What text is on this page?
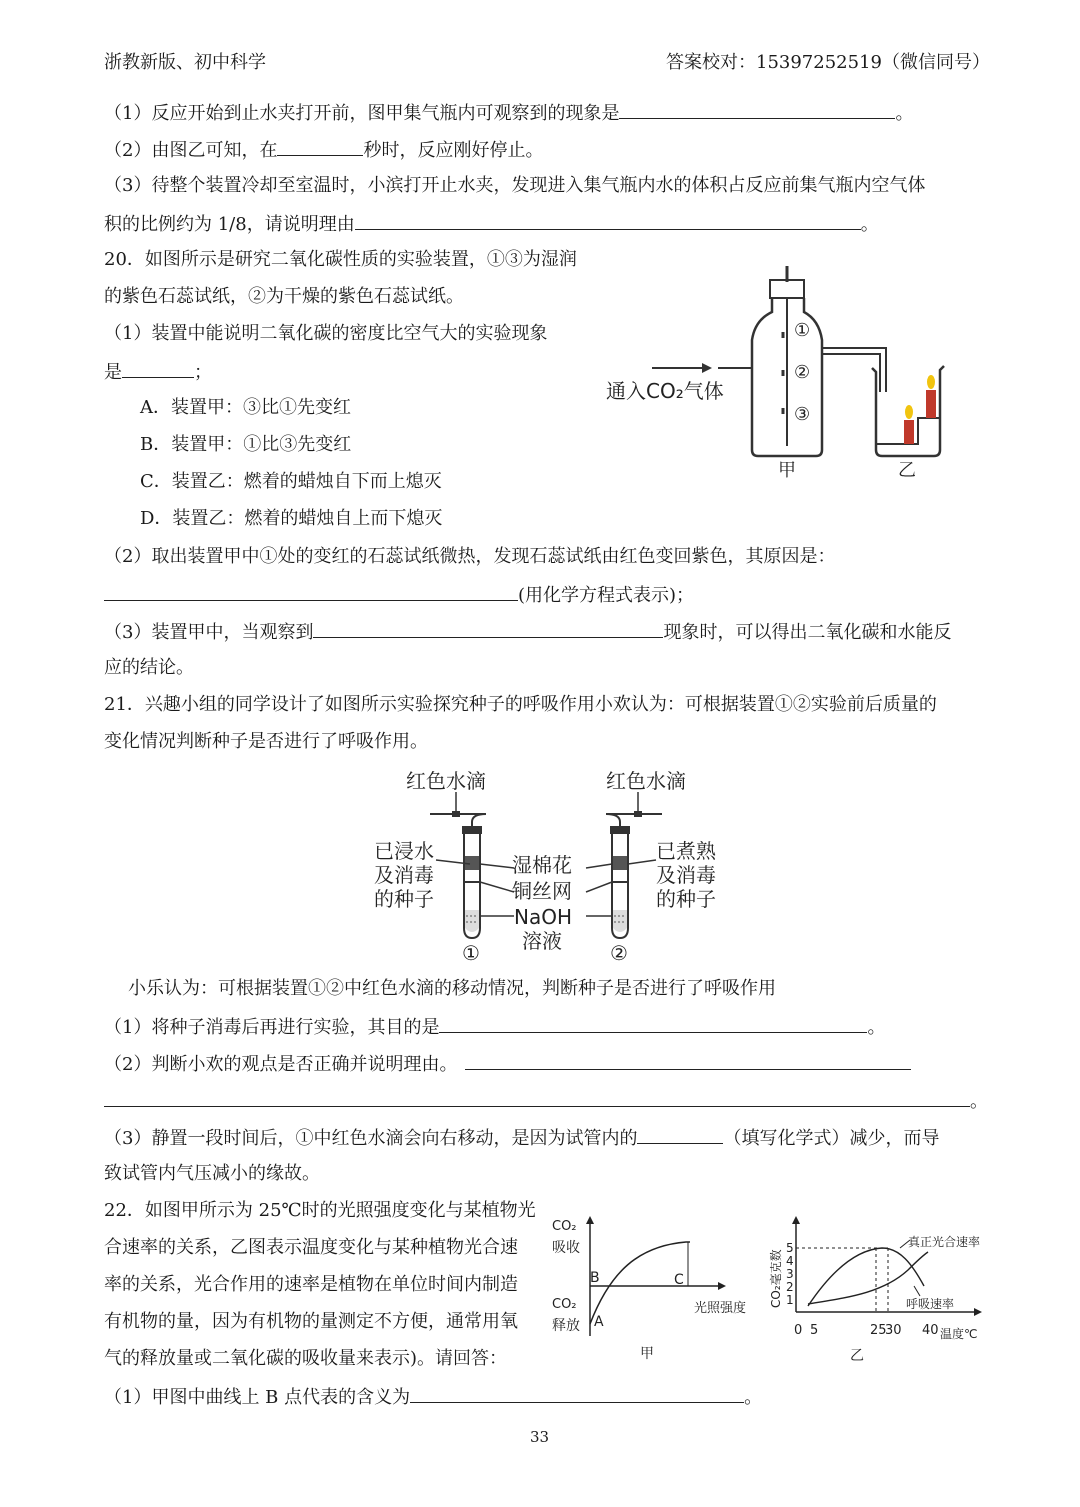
浙教新版、初中科学	答案校对：15397252519（微信同号）
（1）反应开始到止水夹打开前，图甲集气瓶内可观察到的现象是	。
（2）由图乙可知，在	秒时，反应刚好停止。
（3）待整个装置冷却至室温时，小滨打开止水夹，发现进入集气瓶内水的体积占反应前集气瓶内空气体
积的比例约为 1/8，请说明理由	。
20．如图所示是研究二氧化碳性质的实验装置，①③为湿润
的紫色石蕊试纸，②为干燥的紫色石蕊试纸。
（1）装置中能说明二氧化碳的密度比空气大的实验现象
是	；
A．装置甲：③比①先变红
B．装置甲：①比③先变红
C．装置乙：燃着的蜡烛自下而上熄灭
D．装置乙：燃着的蜡烛自上而下熄灭
（2）取出装置甲中①处的变红的石蕊试纸微热，发现石蕊试纸由红色变回紫色，其原因是：
(用化学方程式表示)；
（3）装置甲中，当观察到	现象时，可以得出二氧化碳和水能反
应的结论。
①
②
③
通入CO₂气体
甲	乙
21．兴趣小组的同学设计了如图所示实验探究种子的呼吸作用小欢认为：可根据装置①②实验前后质量的
变化情况判断种子是否进行了呼吸作用。
红色水滴	红色水滴
已浸水
及消毒
的种子
①
湿棉花
铜丝网
NaOH
溶液
已煮熟
及消毒
的种子
②
小乐认为：可根据装置①②中红色水滴的移动情况，判断种子是否进行了呼吸作用
（1）将种子消毒后再进行实验，其目的是	。
（2）判断小欢的观点是否正确并说明理由。
。
（3）静置一段时间后，①中红色水滴会向右移动，是因为试管内的	（填写化学式）减少，而导
致试管内气压减小的缘故。
22．如图甲所示为 25℃时的光照强度变化与某植物光
合速率的关系，乙图表示温度变化与某种植物光合速
率的关系，光合作用的速率是植物在单位时间内制造
有机物的量，因为有机物的量测定不方便，通常用氧
气的释放量或二氧化碳的吸收量来表示)。请回答：
（1）甲图中曲线上 B 点代表的含义为	。
CO₂
吸收
CO₂
释放 A
B	C
光照强度
甲
CO₂毫克数
5
4
3
2
1
0 5	25
30 40
真正光合速率
呼吸速率
温度℃
乙
33
